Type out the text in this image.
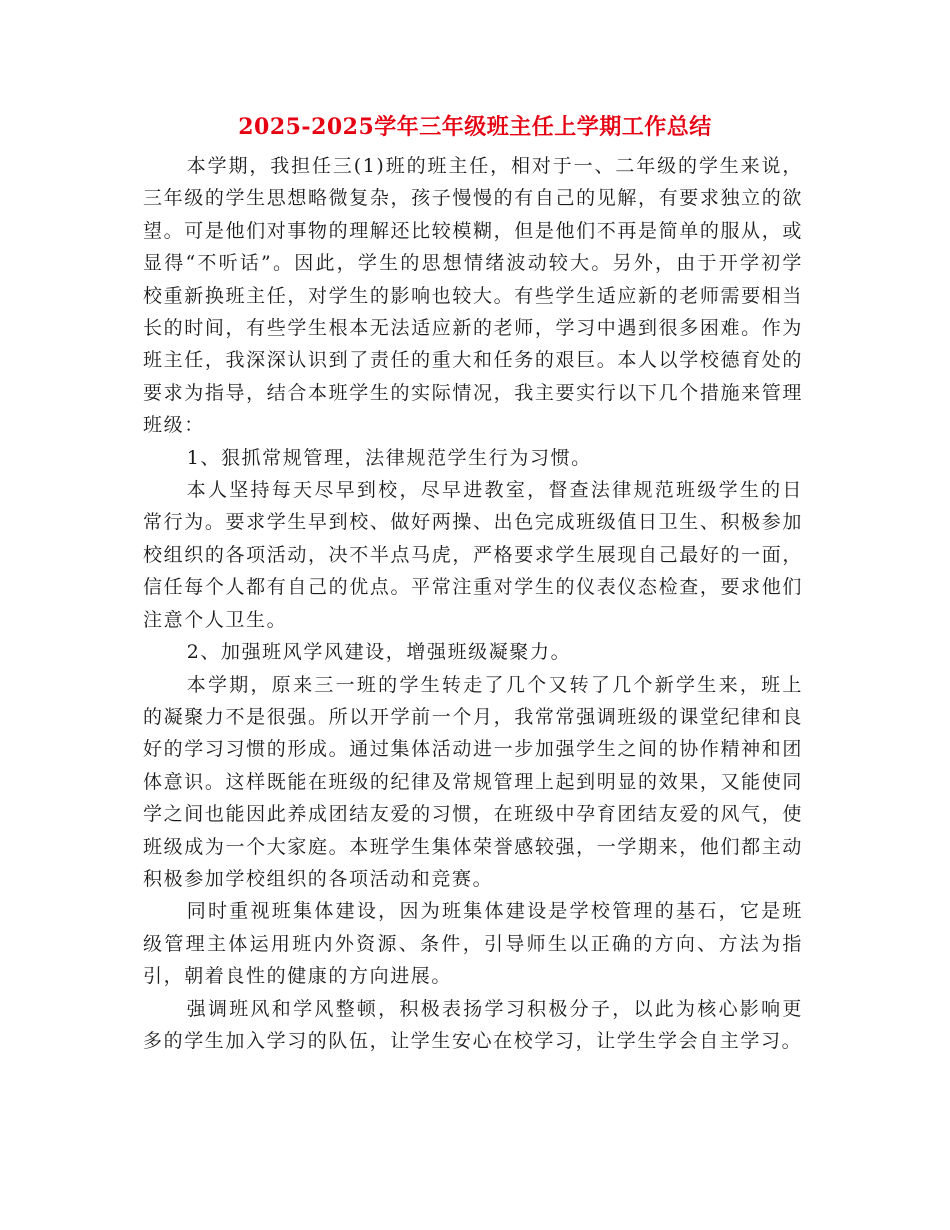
2025-2025学年三年级班主任上学期工作总结

本学期，我担任三(1)班的班主任，相对于一、二年级的学生来说，三年级的学生思想略微复杂，孩子慢慢的有自己的见解，有要求独立的欲望。可是他们对事物的理解还比较模糊，但是他们不再是简单的服从，或显得“不听话”。因此，学生的思想情绪波动较大。另外，由于开学初学校重新换班主任，对学生的影响也较大。有些学生适应新的老师需要相当长的时间，有些学生根本无法适应新的老师，学习中遇到很多困难。作为班主任，我深深认识到了责任的重大和任务的艰巨。本人以学校德育处的要求为指导，结合本班学生的实际情况，我主要实行以下几个措施来管理班级：

1、狠抓常规管理，法律规范学生行为习惯。

本人坚持每天尽早到校，尽早进教室，督查法律规范班级学生的日常行为。要求学生早到校、做好两操、出色完成班级值日卫生、积极参加校组织的各项活动，决不半点马虎，严格要求学生展现自己最好的一面，信任每个人都有自己的优点。平常注重对学生的仪表仪态检查，要求他们注意个人卫生。

2、加强班风学风建设，增强班级凝聚力。

本学期，原来三一班的学生转走了几个又转了几个新学生来，班上的凝聚力不是很强。所以开学前一个月，我常常强调班级的课堂纪律和良好的学习习惯的形成。通过集体活动进一步加强学生之间的协作精神和团体意识。这样既能在班级的纪律及常规管理上起到明显的效果，又能使同学之间也能因此养成团结友爱的习惯，在班级中孕育团结友爱的风气，使班级成为一个大家庭。本班学生集体荣誉感较强，一学期来，他们都主动积极参加学校组织的各项活动和竞赛。

同时重视班集体建设，因为班集体建设是学校管理的基石，它是班级管理主体运用班内外资源、条件，引导师生以正确的方向、方法为指引，朝着良性的健康的方向进展。

强调班风和学风整顿，积极表扬学习积极分子，以此为核心影响更多的学生加入学习的队伍，让学生安心在校学习，让学生学会自主学习。
